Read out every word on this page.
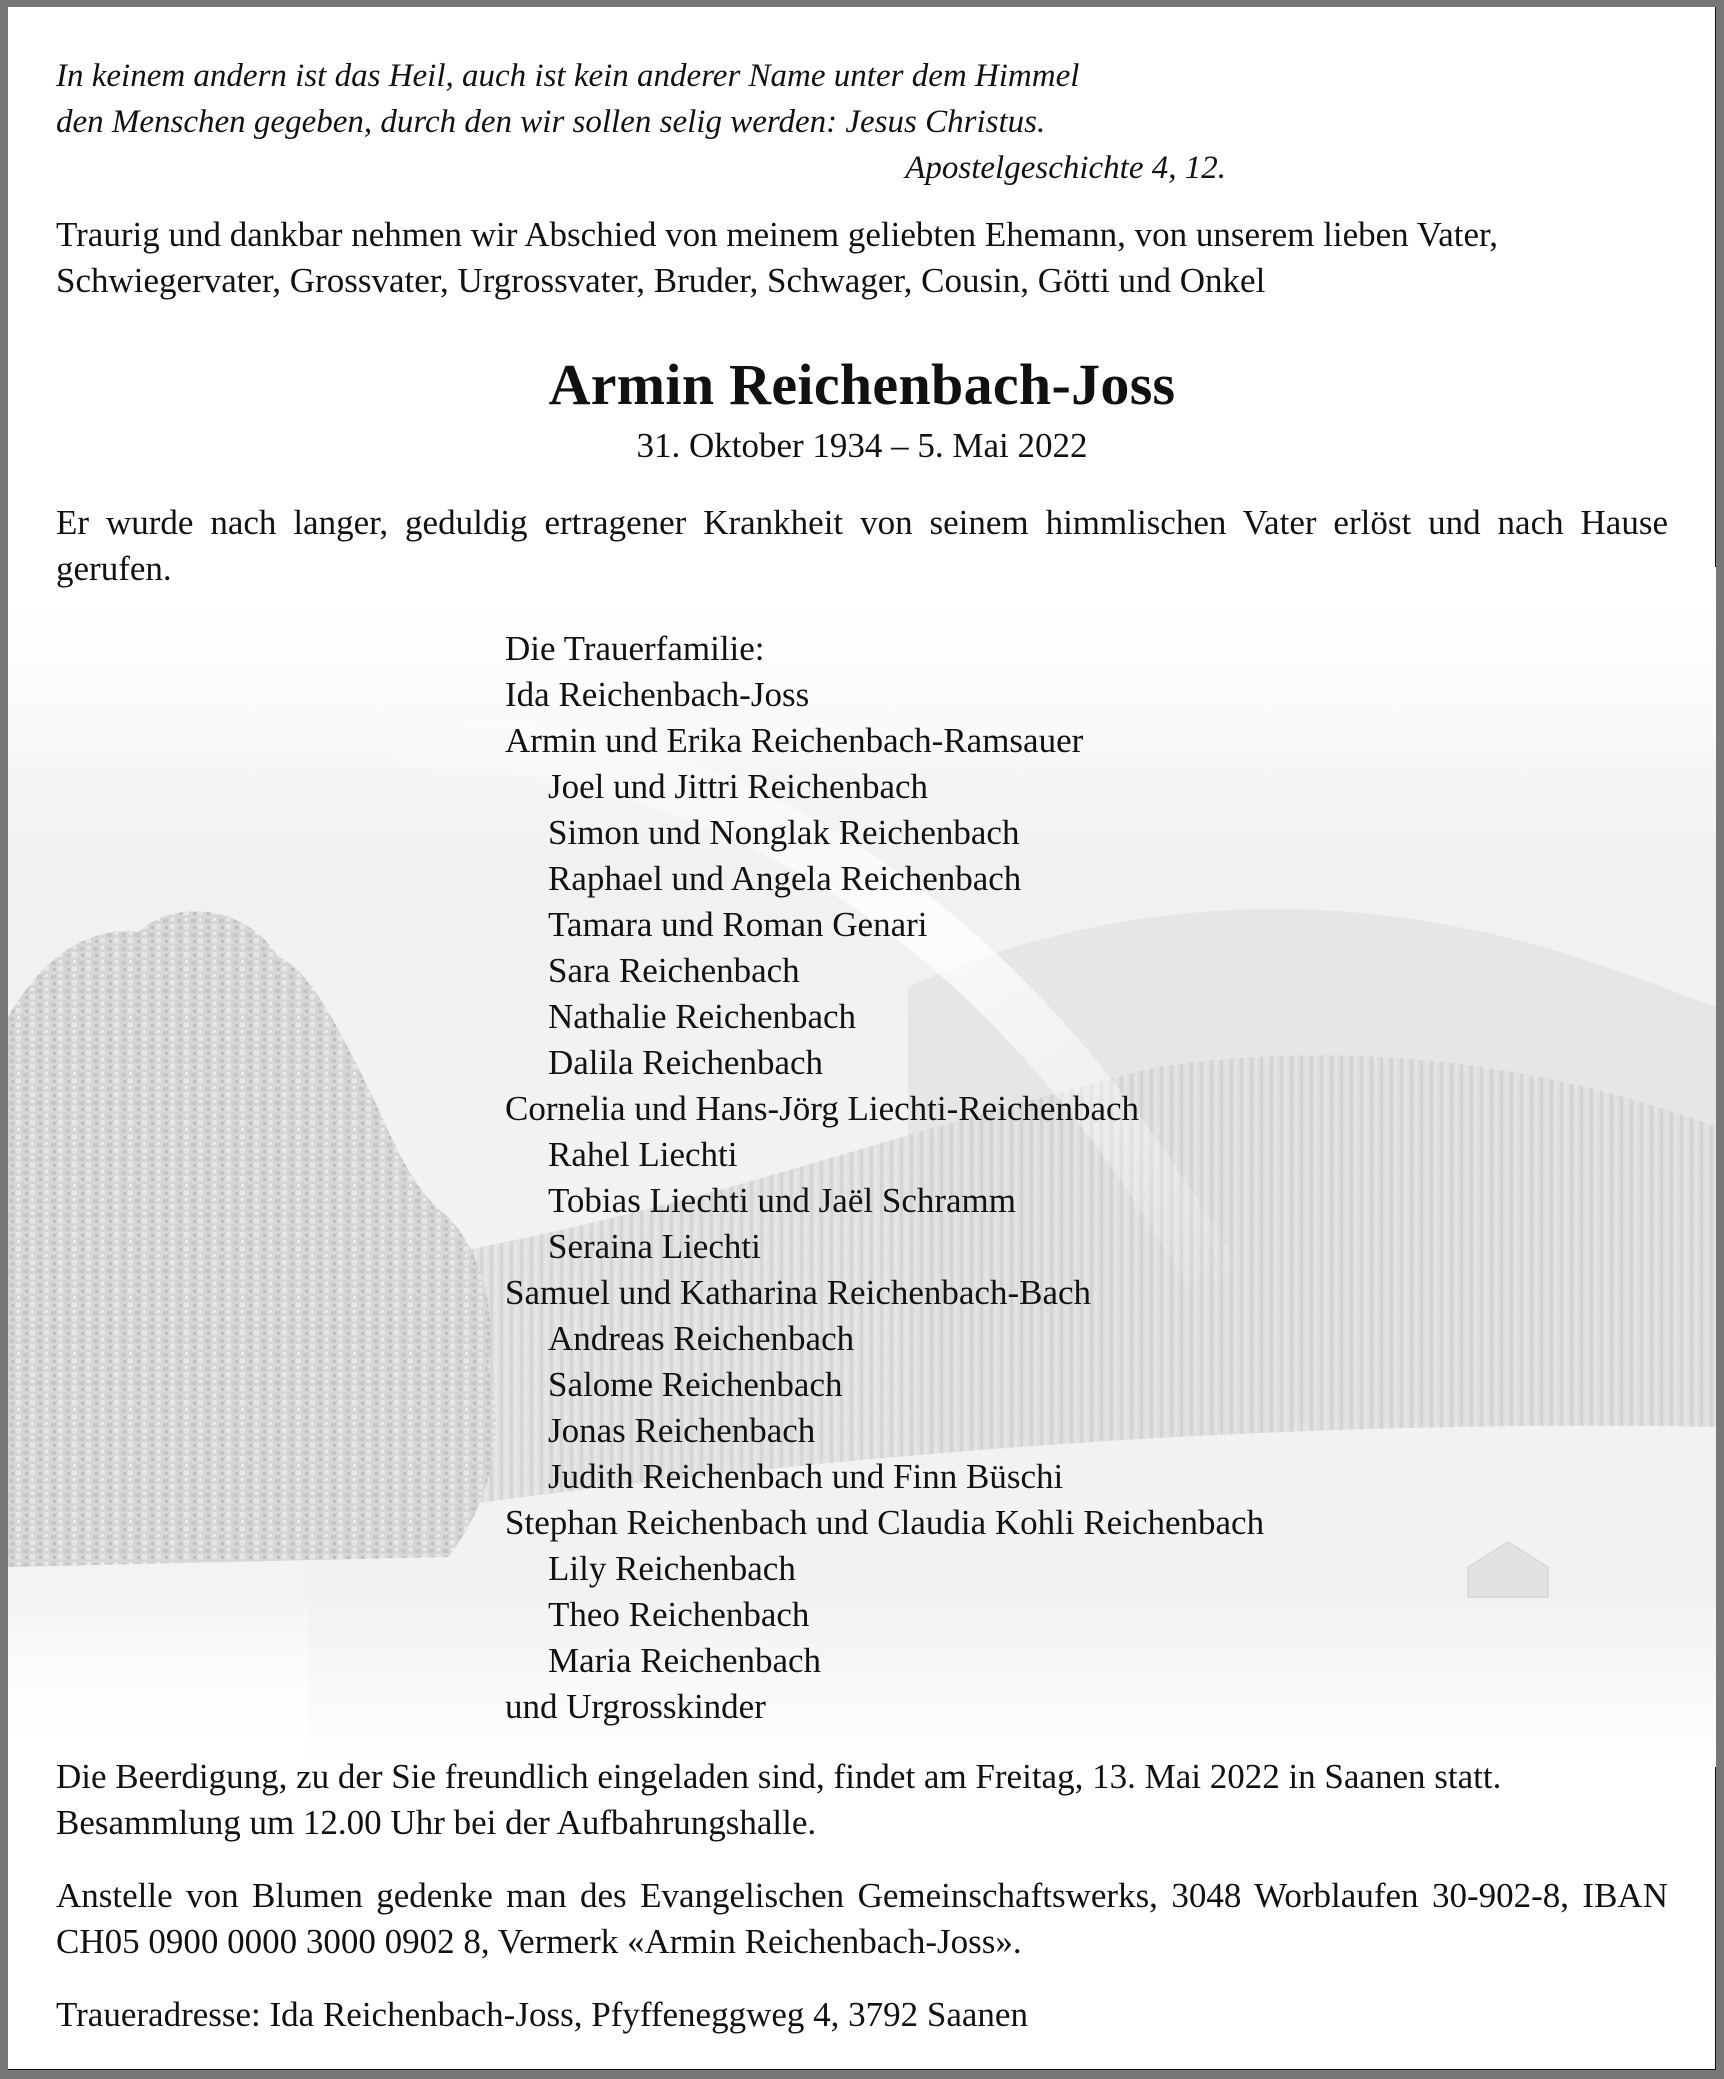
In keinem andern ist das Heil, auch ist kein anderer Name unter dem Himmel
den Menschen gegeben, durch den wir sollen selig werden: Jesus Christus.
Apostelgeschichte 4, 12.
Traurig und dankbar nehmen wir Abschied von meinem geliebten Ehemann, von unserem lieben Vater,
Schwiegervater, Grossvater, Urgrossvater, Bruder, Schwager, Cousin, Götti und Onkel
Armin Reichenbach-Joss
31. Oktober 1934 – 5. Mai 2022
Er wurde nach langer, geduldig ertragener Krankheit von seinem himmlischen Vater erlöst und nach Hause gerufen.
Die Trauerfamilie:
Ida Reichenbach-Joss
Armin und Erika Reichenbach-Ramsauer
Joel und Jittri Reichenbach
Simon und Nonglak Reichenbach
Raphael und Angela Reichenbach
Tamara und Roman Genari
Sara Reichenbach
Nathalie Reichenbach
Dalila Reichenbach
Cornelia und Hans-Jörg Liechti-Reichenbach
Rahel Liechti
Tobias Liechti und Jaël Schramm
Seraina Liechti
Samuel und Katharina Reichenbach-Bach
Andreas Reichenbach
Salome Reichenbach
Jonas Reichenbach
Judith Reichenbach und Finn Büschi
Stephan Reichenbach und Claudia Kohli Reichenbach
Lily Reichenbach
Theo Reichenbach
Maria Reichenbach
und Urgrosskinder
Die Beerdigung, zu der Sie freundlich eingeladen sind, findet am Freitag, 13. Mai 2022 in Saanen statt.
Besammlung um 12.00 Uhr bei der Aufbahrungshalle.
Anstelle von Blumen gedenke man des Evangelischen Gemeinschaftswerks, 3048 Worblaufen 30-902-8, IBAN CH05 0900 0000 3000 0902 8, Vermerk «Armin Reichenbach-Joss».
Traueradresse: Ida Reichenbach-Joss, Pfyffeneggweg 4, 3792 Saanen
